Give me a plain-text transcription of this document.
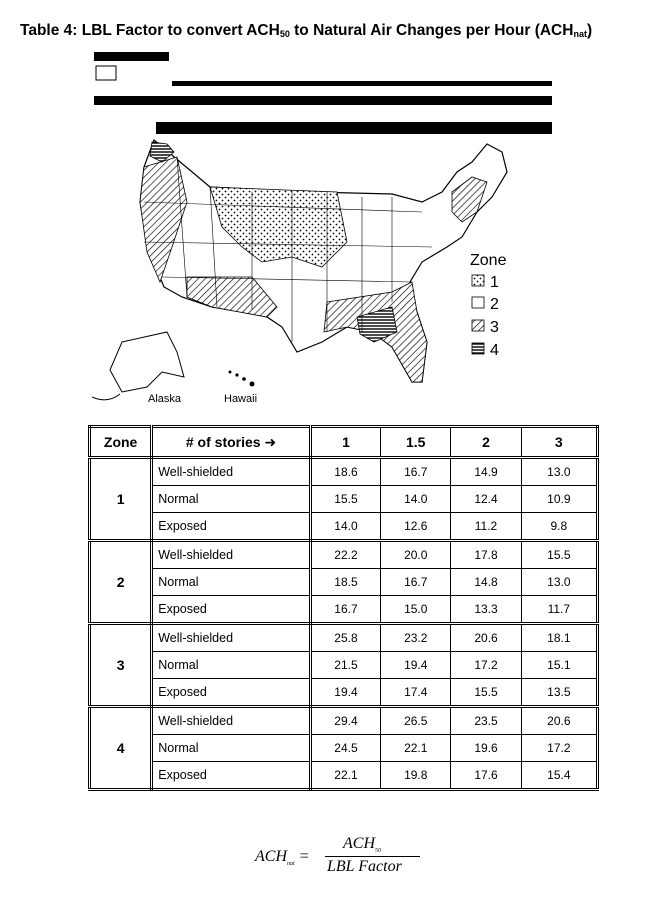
Table 4: LBL Factor to convert $ACH_{50}$ to Natural Air Changes per Hour $(ACH_{nat})$
Alaska	Hawaii
Zone
1
2
3
4
Zone	# of stories ➜	1	1.5	2	3
1	Well-shielded	18.6	16.7	14.9	13.0
	Normal	15.5	14.0	12.4	10.9
	Exposed	14.0	12.6	11.2	9.8
2	Well-shielded	22.2	20.0	17.8	15.5
	Normal	18.5	16.7	14.8	13.0
	Exposed	16.7	15.0	13.3	11.7
3	Well-shielded	25.8	23.2	20.6	18.1
	Normal	21.5	19.4	17.2	15.1
	Exposed	19.4	17.4	15.5	13.5
4	Well-shielded	29.4	26.5	23.5	20.6
	Normal	24.5	22.1	19.6	17.2
	Exposed	22.1	19.8	17.6	15.4
$ACH_{nat}$ =
$ACH_{50}$
LBL Factor
